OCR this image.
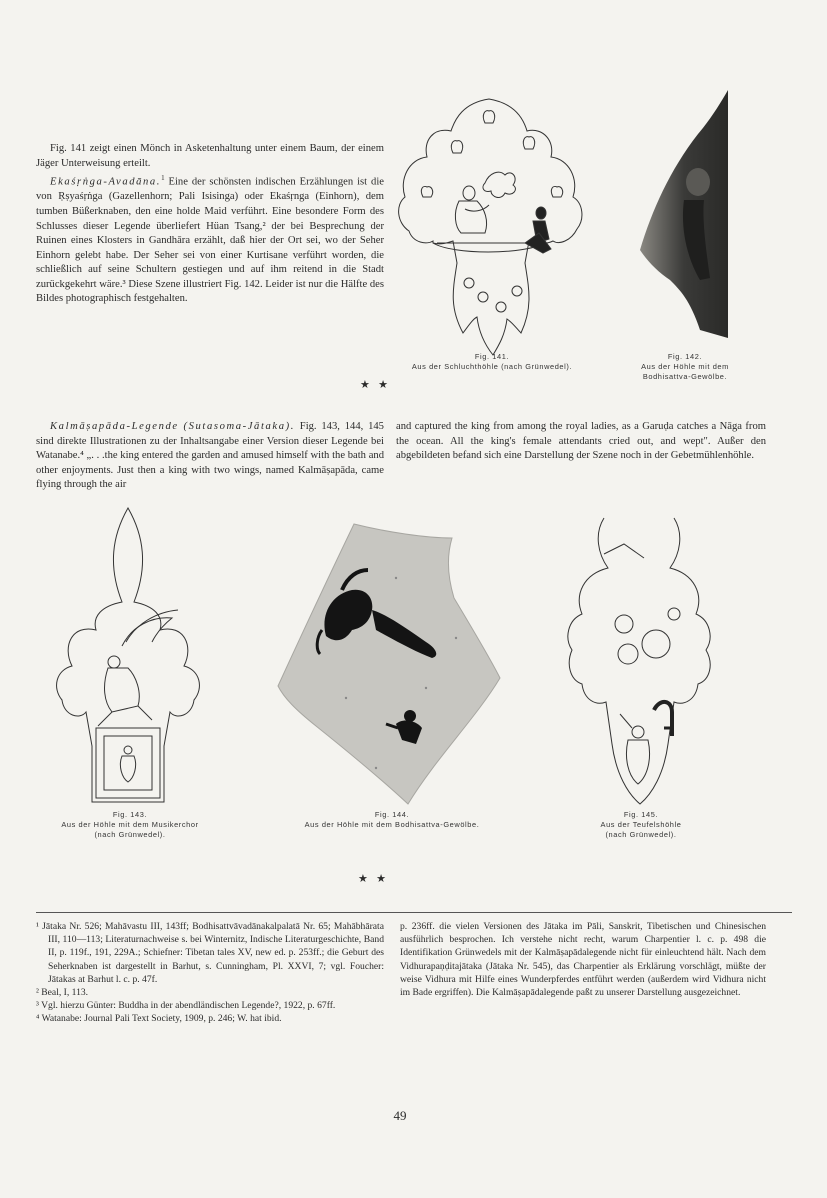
Fig. 141 zeigt einen Mönch in Asketenhaltung unter einem Baum, der einem Jäger Unterweisung erteilt.

Ekaśṛṅga-Avadāna.$^1$ Eine der schönsten indischen Erzählungen ist die von Ṛṣyaśṛṅga (Gazellenhorn; Pali Isisinga) oder Ekaśṛnga (Einhorn), dem tumben Büßerknaben, den eine holde Maid verführt. Eine besondere Form des Schlusses dieser Legende überliefert Hüan Tsang,² der bei Besprechung der Ruinen eines Klosters in Gandhāra erzählt, daß hier der Ort sei, wo der Seher Einhorn gelebt habe. Der Seher sei von einer Kurtisane verführt worden, die schließlich auf seine Schultern gestiegen und auf ihm reitend in die Stadt zurückgekehrt wäre.³ Diese Szene illustriert Fig. 142. Leider ist nur die Hälfte des Bildes photographisch festgehalten.

Fig. 141.
Aus der Schluchthöhle (nach Grünwedel).
Fig. 142.
Aus der Höhle mit dem
Bodhisattva-Gewölbe.
★   ★

Kalmāṣapāda-Legende (Sutasoma-Jātaka). Fig. 143, 144, 145 sind direkte Illustrationen zu der Inhaltsangabe einer Version dieser Legende bei Watanabe.⁴ „. . .the king entered the garden and amused himself with the bath and other enjoyments. Just then a king with two wings, named Kalmāṣapāda, came flying through the air

and captured the king from among the royal ladies, as a Garuḍa catches a Nāga from the ocean. All the king's female attendants cried out, and wept". Außer den abgebildeten befand sich eine Darstellung der Szene noch in der Gebetmühlenhöhle.

Fig. 143.
Aus der Höhle mit dem Musikerchor
(nach Grünwedel).
Fig. 144.
Aus der Höhle mit dem Bodhisattva-Gewölbe.
Fig. 145.
Aus der Teufelshöhle
(nach Grünwedel).
★   ★

¹ Jātaka Nr. 526; Mahāvastu III, 143ff; Bodhisattvāvadānakalpalatā Nr. 65; Mahābhārata III, 110—113; Literaturnachweise s. bei Winternitz, Indische Literaturgeschichte, Band II, p. 119f., 191, 229A.; Schiefner: Tibetan tales XV, new ed. p. 253ff.; die Geburt des Seherknaben ist dargestellt in Barhut, s. Cunningham, Pl. XXVI, 7; vgl. Foucher: Jātakas at Barhut l. c. p. 47f.

² Beal, I, 113.

³ Vgl. hierzu Günter: Buddha in der abendländischen Legende?, 1922, p. 67ff.

⁴ Watanabe: Journal Pali Text Society, 1909, p. 246; W. hat ibid.

p. 236ff. die vielen Versionen des Jātaka im Pāli, Sanskrit, Tibetischen und Chinesischen ausführlich besprochen. Ich verstehe nicht recht, warum Charpentier l. c. p. 498 die Identifikation Grünwedels mit der Kalmāṣapādalegende nicht für einleuchtend hält. Nach dem Vidhurapaṇḍitajātaka (Jātaka Nr. 545), das Charpentier als Erklärung vorschlägt, müßte der weise Vidhura mit Hilfe eines Wunderpferdes entführt werden (außerdem wird Vidhura nicht im Bade ergriffen). Die Kalmāṣapādalegende paßt zu unserer Darstellung ausgezeichnet.

49
